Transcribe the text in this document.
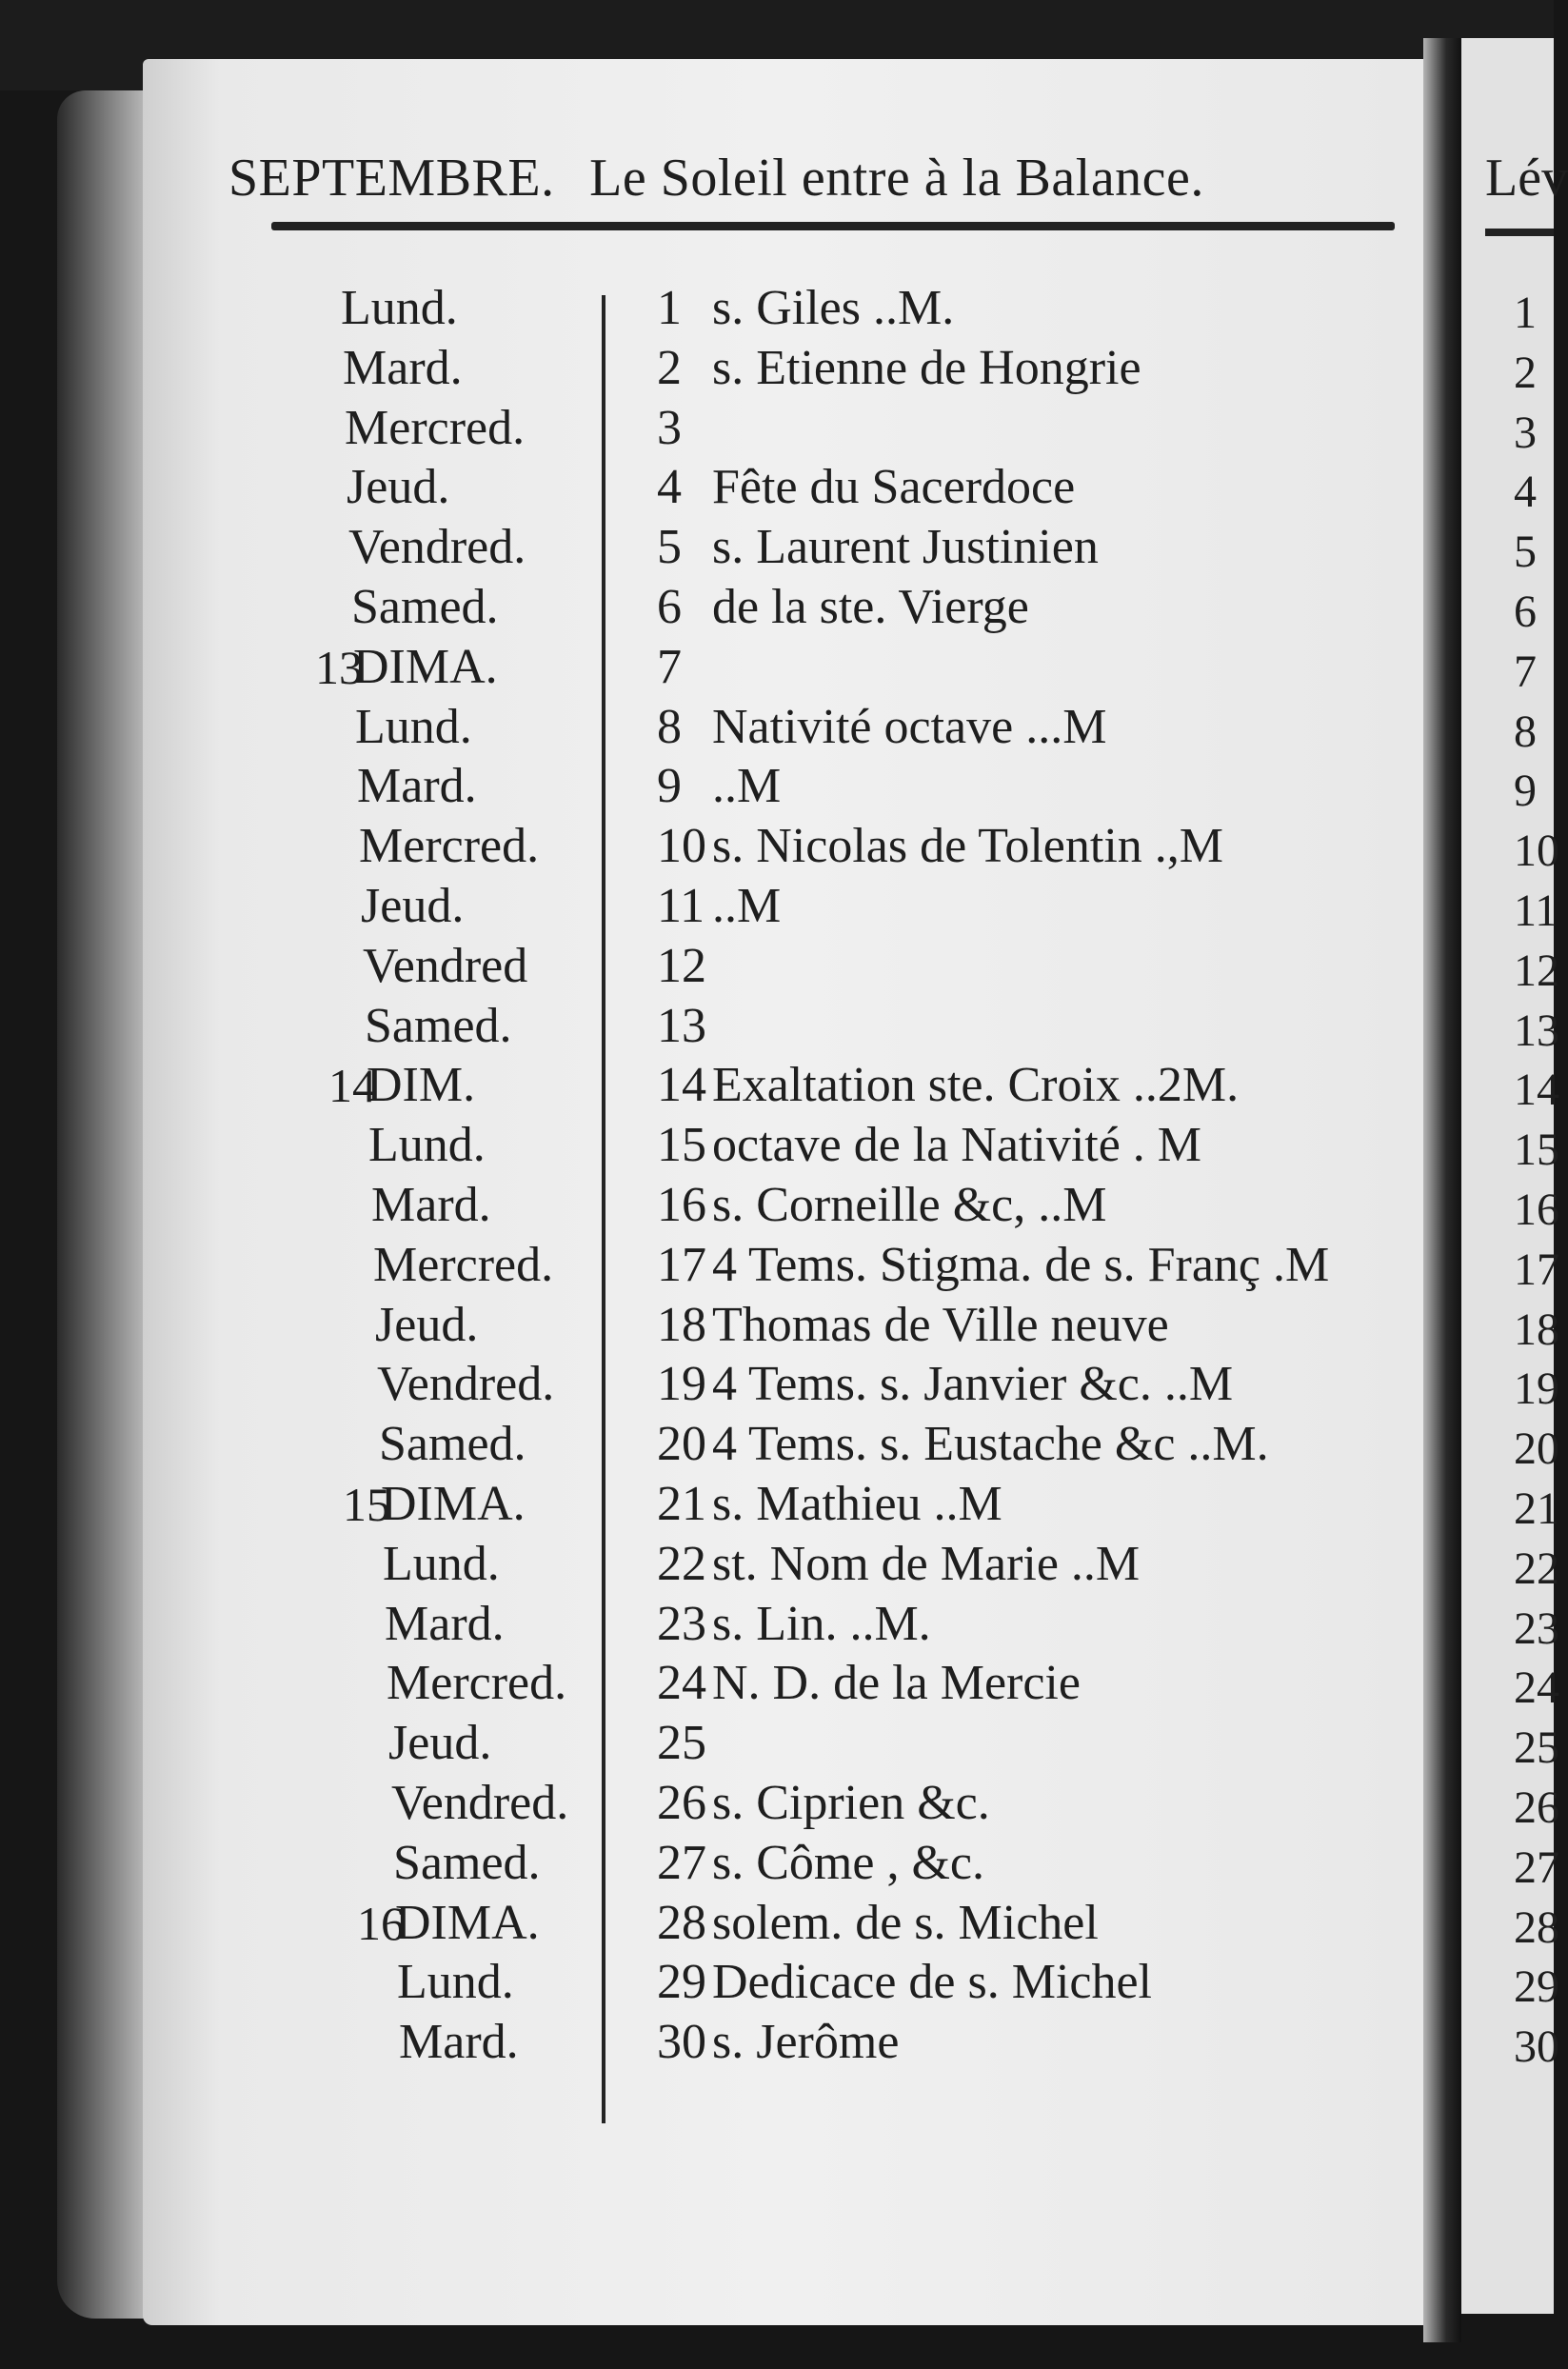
SEPTEMBRE. Le Soleil entre à la Balance.
Lund.	1 s. Giles ..M.
Mard.	2 s. Etienne de Hongrie
Mercred.	3
Jeud.	4 Fête du Sacerdoce
Vendred.	5 s. Laurent Justinien
Samed.	6 de la ste. Vierge
13
DIMA.	7
Lund.	8 Nativité octave ...M
Mard.	9 ..M
Mercred. 10 s. Nicolas de Tolentin .,M
Jeud.	11 ..M
Vendred	12
Samed.	13
14
DIM.	14 Exaltation ste. Croix ..2M.
Lund.	15 octave de la Nativité . M
Mard.	16 s. Corneille &c, ..M
Mercred. 17 4 Tems. Stigma. de s. Franç .M
Jeud.	18 Thomas de Ville neuve
Vendred. 19 4 Tems. s. Janvier &c. ..M
Samed.	20 4 Tems. s. Eustache &c ..M.
15
DIMA.	21 s. Mathieu ..M
Lund.	22 st. Nom de Marie ..M
Mard.	23 s. Lin. ..M.
Mercred. 24 N. D. de la Mercie
Jeud.	25
Vendred. 26 s. Ciprien &c.
Samed. 27 s. Côme , &c.
16
DIMA. 28 solem. de s. Michel
Lund.	29 Dedicace de s. Michel
Mard.	30 s. Jerôme
Lév
1
2
3
4
5
6
7
8
9
10
11
12
13
14
15
16
17
18
19
20
21
22
23
24
25
26
27
28
29
30
